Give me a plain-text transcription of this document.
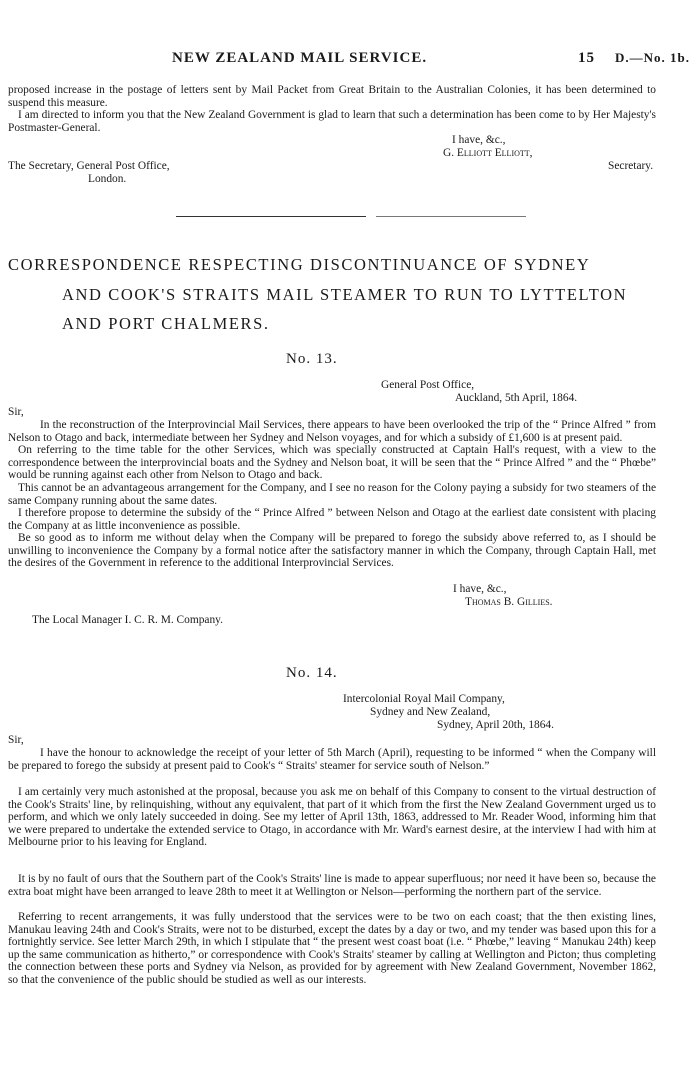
NEW ZEALAND MAIL SERVICE.	15 D.—No. 1b.
proposed increase in the postage of letters sent by Mail Packet from Great Britain to the Australian Colonies, it has been determined to suspend this measure.
I am directed to inform you that the New Zealand Government is glad to learn that such a determination has been come to by Her Majesty's Postmaster-General.
I have, &c.,
G. Elliott Elliott,
The Secretary, General Post Office,	Secretary.
London.
CORRESPONDENCE RESPECTING DISCONTINUANCE OF SYDNEY
AND COOK'S STRAITS MAIL STEAMER TO RUN TO LYTTELTON
AND PORT CHALMERS.
No. 13.
General Post Office,
Auckland, 5th April, 1864.
Sir,
In the reconstruction of the Interprovincial Mail Services, there appears to have been overlooked the trip of the “ Prince Alfred ” from Nelson to Otago and back, intermediate between her Sydney and Nelson voyages, and for which a subsidy of £1,600 is at present paid.
On referring to the time table for the other Services, which was specially constructed at Captain Hall's request, with a view to the correspondence between the interprovincial boats and the Sydney and Nelson boat, it will be seen that the “ Prince Alfred ” and the “ Phœbe” would be running against each other from Nelson to Otago and back.
This cannot be an advantageous arrangement for the Company, and I see no reason for the Colony paying a subsidy for two steamers of the same Company running about the same dates.
I therefore propose to determine the subsidy of the “ Prince Alfred ” between Nelson and Otago at the earliest date consistent with placing the Company at as little inconvenience as possible.
Be so good as to inform me without delay when the Company will be prepared to forego the subsidy above referred to, as I should be unwilling to inconvenience the Company by a formal notice after the satisfactory manner in which the Company, through Captain Hall, met the desires of the Government in reference to the additional Interprovincial Services.
I have, &c.,
Thomas B. Gillies.
The Local Manager I. C. R. M. Company.
No. 14.
Intercolonial Royal Mail Company,
Sydney and New Zealand,
Sydney, April 20th, 1864.
Sir,
I have the honour to acknowledge the receipt of your letter of 5th March (April), requesting to be informed “ when the Company will be prepared to forego the subsidy at present paid to Cook's “ Straits' steamer for service south of Nelson.”
I am certainly very much astonished at the proposal, because you ask me on behalf of this Company to consent to the virtual destruction of the Cook's Straits' line, by relinquishing, without any equivalent, that part of it which from the first the New Zealand Government urged us to perform, and which we only lately succeeded in doing. See my letter of April 13th, 1863, addressed to Mr. Reader Wood, informing him that we were prepared to undertake the extended service to Otago, in accordance with Mr. Ward's earnest desire, at the interview I had with him at Melbourne prior to his leaving for England.
It is by no fault of ours that the Southern part of the Cook's Straits' line is made to appear superfluous; nor need it have been so, because the extra boat might have been arranged to leave 28th to meet it at Wellington or Nelson—performing the northern part of the service.
Referring to recent arrangements, it was fully understood that the services were to be two on each coast; that the then existing lines, Manukau leaving 24th and Cook's Straits, were not to be disturbed, except the dates by a day or two, and my tender was based upon this for a fortnightly service. See letter March 29th, in which I stipulate that “ the present west coast boat (i.e. “ Phœbe,” leaving “ Manukau 24th) keep up the same communication as hitherto,” or correspondence with Cook's Straits' steamer by calling at Wellington and Picton; thus completing the connection between these ports and Sydney via Nelson, as provided for by agreement with New Zealand Government, November 1862, so that the convenience of the public should be studied as well as our interests.
